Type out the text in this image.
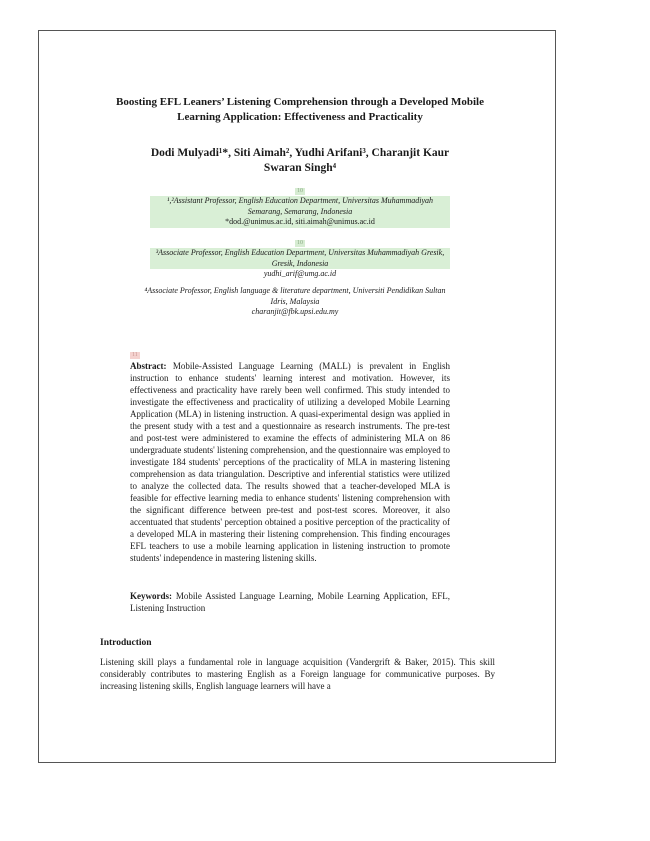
Boosting EFL Leaners’ Listening Comprehension through a Developed Mobile Learning Application: Effectiveness and Practicality
Dodi Mulyadi¹*, Siti Aimah², Yudhi Arifani³, Charanjit Kaur
Swaran Singh⁴
10
¹,²Assistant Professor, English Education Department, Universitas Muhammadiyah Semarang, Semarang, Indonesia
*dod.@unimus.ac.id, siti.aimah@unimus.ac.id
10
³Associate Professor, English Education Department, Universitas Muhammadiyah Gresik, Gresik, Indonesia
yudhi_arif@umg.ac.id
⁴Associate Professor, English language & literature department, Universiti Pendidikan Sultan Idris, Malaysia
charanjit@fbk.upsi.edu.my
11
Abstract: Mobile-Assisted Language Learning (MALL) is prevalent in English instruction to enhance students' learning interest and motivation. However, its effectiveness and practicality have rarely been well confirmed. This study intended to investigate the effectiveness and practicality of utilizing a developed Mobile Learning Application (MLA) in listening instruction. A quasi-experimental design was applied in the present study with a test and a questionnaire as research instruments. The pre-test and post-test were administered to examine the effects of administering MLA on 86 undergraduate students' listening comprehension, and the questionnaire was employed to investigate 184 students' perceptions of the practicality of MLA in mastering listening comprehension as data triangulation. Descriptive and inferential statistics were utilized to analyze the collected data. The results showed that a teacher-developed MLA is feasible for effective learning media to enhance students' listening comprehension with the significant difference between pre-test and post-test scores. Moreover, it also accentuated that students' perception obtained a positive perception of the practicality of a developed MLA in mastering their listening comprehension. This finding encourages EFL teachers to use a mobile learning application in listening instruction to promote students' independence in mastering listening skills.
Keywords: Mobile Assisted Language Learning, Mobile Learning Application, EFL, Listening Instruction
Introduction
Listening skill plays a fundamental role in language acquisition (Vandergrift & Baker, 2015). This skill considerably contributes to mastering English as a Foreign language for communicative purposes. By increasing listening skills, English language learners will have a
